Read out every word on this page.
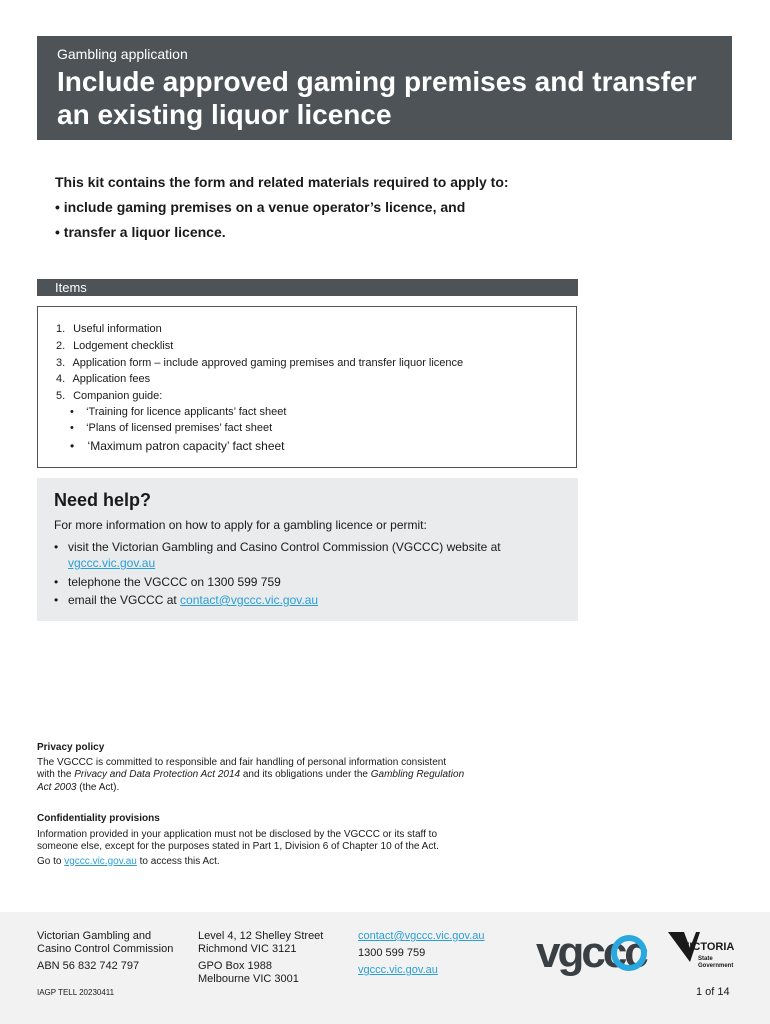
Gambling application
Include approved gaming premises and transfer an existing liquor licence
This kit contains the form and related materials required to apply to:
• include gaming premises on a venue operator’s licence, and
• transfer a liquor licence.
Items
1. Useful information
2. Lodgement checklist
3. Application form – include approved gaming premises and transfer liquor licence
4. Application fees
5. Companion guide:
•    ‘Training for licence applicants’ fact sheet
•    ‘Plans of licensed premises’ fact sheet
•    ‘Maximum patron capacity’ fact sheet
Need help?
For more information on how to apply for a gambling licence or permit:
• visit the Victorian Gambling and Casino Control Commission (VGCCC) website at
vgccc.vic.gov.au
• telephone the VGCCC on 1300 599 759
• email the VGCCC at contact@vgccc.vic.gov.au
Privacy policy
The VGCCC is committed to responsible and fair handling of personal information consistent
with the Privacy and Data Protection Act 2014 and its obligations under the Gambling Regulation
Act 2003 (the Act).
Confidentiality provisions
Information provided in your application must not be disclosed by the VGCCC or its staff to
someone else, except for the purposes stated in Part 1, Division 6 of Chapter 10 of the Act.
Go to vgccc.vic.gov.au to access this Act.
Victorian Gambling and
Casino Control Commission
ABN 56 832 742 797
Level 4, 12 Shelley Street
Richmond VIC 3121
GPO Box 1988
Melbourne VIC 3001
contact@vgccc.vic.gov.au
1300 599 759
vgccc.vic.gov.au	vgccc	VICTORIA
State
Government
IAGP TELL 20230411	1 of 14
